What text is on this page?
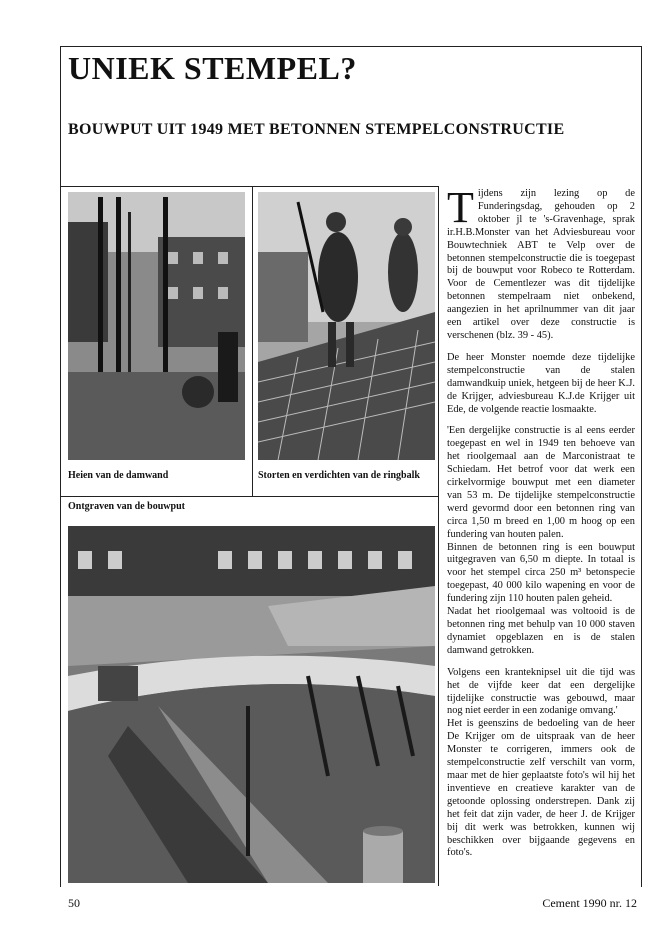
UNIEK STEMPEL?
BOUWPUT UIT 1949 MET BETONNEN STEMPELCONSTRUCTIE

Heien van de damwand	Storten en verdichten van de ringbalk

Ontgraven van de bouwput

Tijdens zijn lezing op de Funderingsdag, gehouden op 2 oktober jl te 's-Gravenhage, sprak ir.H.B.Monster van het Adviesbureau voor Bouwtechniek ABT te Velp over de betonnen stempelconstructie die is toegepast bij de bouwput voor Robeco te Rotterdam. Voor de Cementlezer was dit tijdelijke betonnen stempelraam niet onbekend, aangezien in het aprilnummer van dit jaar een artikel over deze constructie is verschenen (blz. 39 - 45).

De heer Monster noemde deze tijdelijke stempelconstructie van de stalen damwandkuip uniek, hetgeen bij de heer K.J. de Krijger, adviesbureau K.J.de Krijger uit Ede, de volgende reactie losmaakte.

'Een dergelijke constructie is al eens eerder toegepast en wel in 1949 ten behoeve van het rioolgemaal aan de Marconistraat te Schiedam. Het betrof voor dat werk een cirkelvormige bouwput met een diameter van 53 m. De tijdelijke stempelconstructie werd gevormd door een betonnen ring van circa 1,50 m breed en 1,00 m hoog op een fundering van houten palen.

Binnen de betonnen ring is een bouwput uitgegraven van 6,50 m diepte. In totaal is voor het stempel circa 250 m³ betonspecie toegepast, 40 000 kilo wapening en voor de fundering zijn 110 houten palen geheid.

Nadat het rioolgemaal was voltooid is de betonnen ring met behulp van 10 000 staven dynamiet opgeblazen en is de stalen damwand getrokken.

Volgens een kranteknipsel uit die tijd was het de vijfde keer dat een dergelijke tijdelijke constructie was gebouwd, maar nog niet eerder in een zodanige omvang.'

Het is geenszins de bedoeling van de heer De Krijger om de uitspraak van de heer Monster te corrigeren, immers ook de stempelconstructie zelf verschilt van vorm, maar met de hier geplaatste foto's wil hij het inventieve en creatieve karakter van de getoonde oplossing onderstrepen. Dank zij het feit dat zijn vader, de heer J. de Krijger bij dit werk was betrokken, kunnen wij beschikken over bijgaande gegevens en foto's.

50	Cement 1990 nr. 12
